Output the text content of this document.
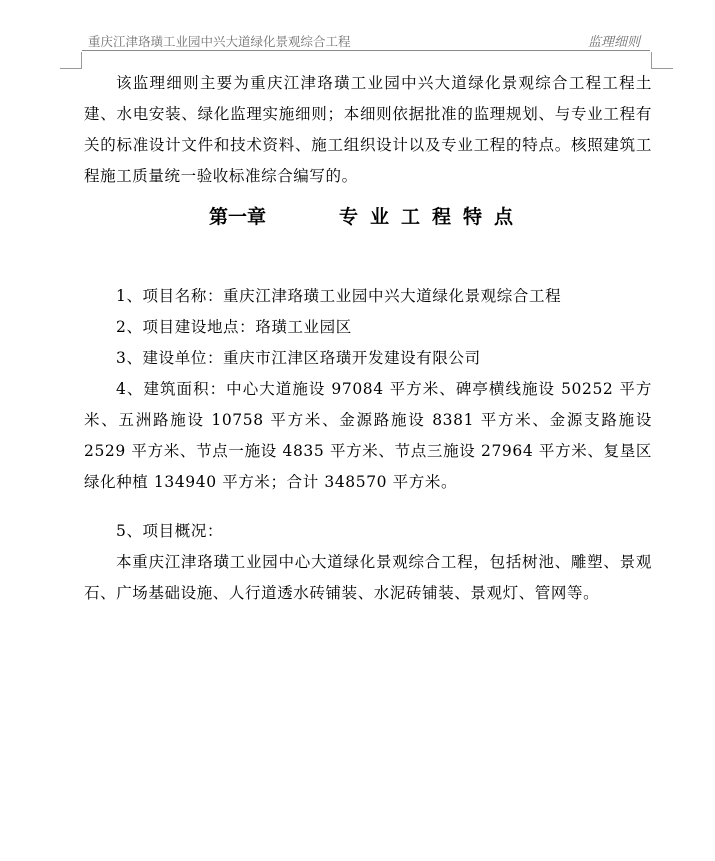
重庆江津珞璜工业园中兴大道绿化景观综合工程	监理细则

该监理细则主要为重庆江津珞璜工业园中兴大道绿化景观综合工程工程土建、水电安装、绿化监理实施细则；本细则依据批准的监理规划、与专业工程有关的标准设计文件和技术资料、施工组织设计以及专业工程的特点。核照建筑工程施工质量统一验收标准综合编写的。

第一章	专业工程特点

1、项目名称：重庆江津珞璜工业园中兴大道绿化景观综合工程

2、项目建设地点：珞璜工业园区

3、建设单位：重庆市江津区珞璜开发建设有限公司

4、建筑面积：中心大道施设 97084 平方米、碑亭横线施设 50252 平方米、五洲路施设 10758 平方米、金源路施设 8381 平方米、金源支路施设 2529 平方米、节点一施设 4835 平方米、节点三施设 27964 平方米、复垦区绿化种植 134940 平方米；合计 348570 平方米。

5、项目概况：

本重庆江津珞璜工业园中心大道绿化景观综合工程，包括树池、雕塑、景观石、广场基础设施、人行道透水砖铺装、水泥砖铺装、景观灯、管网等。
